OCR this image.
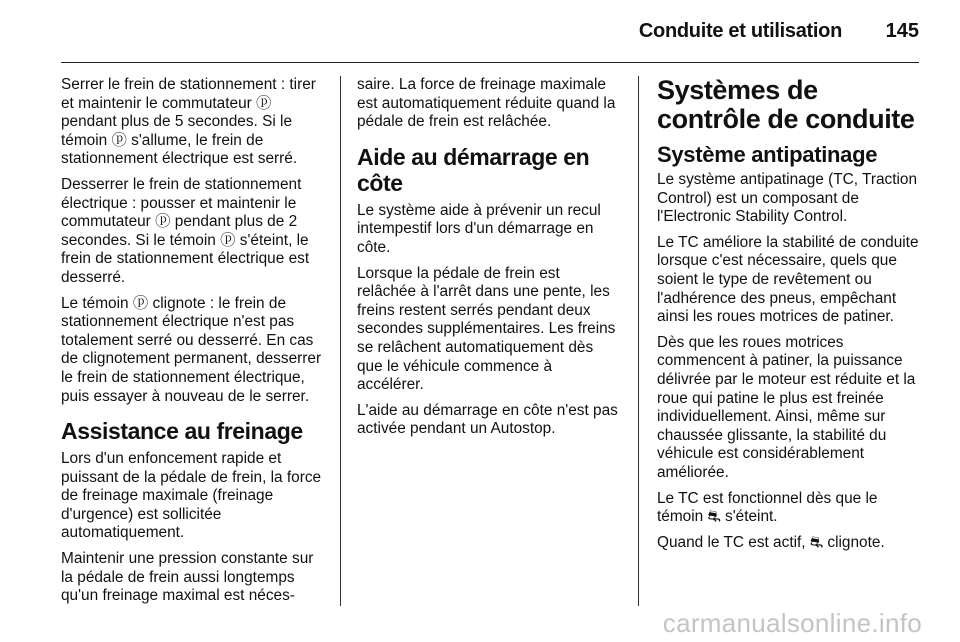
Conduite et utilisation 145

Serrer le frein de stationnement : tirer et maintenir le commutateur ⓟ pendant plus de 5 secondes. Si le témoin ⓟ s'allume, le frein de stationnement électrique est serré.

Desserrer le frein de stationnement électrique : pousser et maintenir le commutateur ⓟ pendant plus de 2 secondes. Si le témoin ⓟ s'éteint, le frein de stationnement électrique est desserré.

Le témoin ⓟ clignote : le frein de stationnement électrique n'est pas totalement serré ou desserré. En cas de clignotement permanent, desserrer le frein de stationnement électrique, puis essayer à nouveau de le serrer.

Assistance au freinage

Lors d'un enfoncement rapide et puissant de la pédale de frein, la force de freinage maximale (freinage d'urgence) est sollicitée automatiquement.

Maintenir une pression constante sur la pédale de frein aussi longtemps qu'un freinage maximal est néces-

saire. La force de freinage maximale est automatiquement réduite quand la pédale de frein est relâchée.

Aide au démarrage en côte

Le système aide à prévenir un recul intempestif lors d'un démarrage en côte.

Lorsque la pédale de frein est relâchée à l'arrêt dans une pente, les freins restent serrés pendant deux secondes supplémentaires. Les freins se relâchent automatiquement dès que le véhicule commence à accélérer.

L'aide au démarrage en côte n'est pas activée pendant un Autostop.

Systèmes de contrôle de conduite
Système antipatinage

Le système antipatinage (TC, Traction Control) est un composant de l'Electronic Stability Control.

Le TC améliore la stabilité de conduite lorsque c'est nécessaire, quels que soient le type de revêtement ou l'adhérence des pneus, empêchant ainsi les roues motrices de patiner.

Dès que les roues motrices commencent à patiner, la puissance délivrée par le moteur est réduite et la roue qui patine le plus est freinée individuellement. Ainsi, même sur chaussée glissante, la stabilité du véhicule est considérablement améliorée.

Le TC est fonctionnel dès que le témoin ⛐ s'éteint.

Quand le TC est actif, ⛐ clignote.

carmanualsonline.info
